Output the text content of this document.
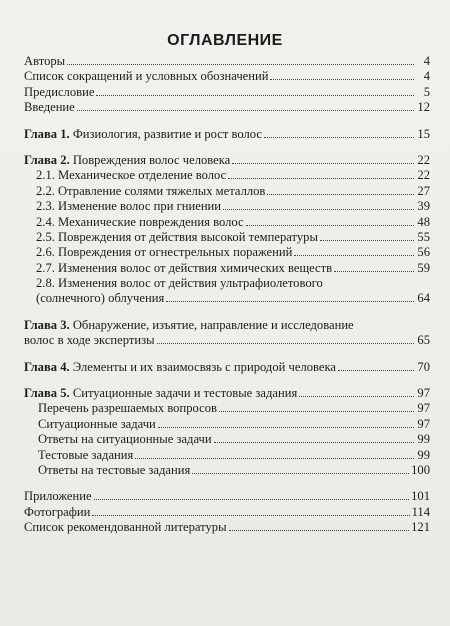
ОГЛАВЛЕНИЕ
Авторы	4
Список сокращений и условных обозначений	4
Предисловие	5
Введение	12
Глава 1. Физиология, развитие и рост волос	15
Глава 2. Повреждения волос человека	22
2.1. Механическое отделение волос	22
2.2. Отравление солями тяжелых металлов	27
2.3. Изменение волос при гниении	39
2.4. Механические повреждения волос	48
2.5. Повреждения от действия высокой температуры	55
2.6. Повреждения от огнестрельных поражений	56
2.7. Изменения волос от действия химических веществ	59
2.8. Изменения волос от действия ультрафиолетового
(солнечного) облучения	64
Глава 3. Обнаружение, изъятие, направление и исследование
волос в ходе экспертизы	65
Глава 4. Элементы и их взаимосвязь с природой человека	70
Глава 5. Ситуационные задачи и тестовые задания	97
Перечень разрешаемых вопросов	97
Ситуационные задачи	97
Ответы на ситуационные задачи	99
Тестовые задания	99
Ответы на тестовые задания	100
Приложение	101
Фотографии	114
Список рекомендованной литературы	121
